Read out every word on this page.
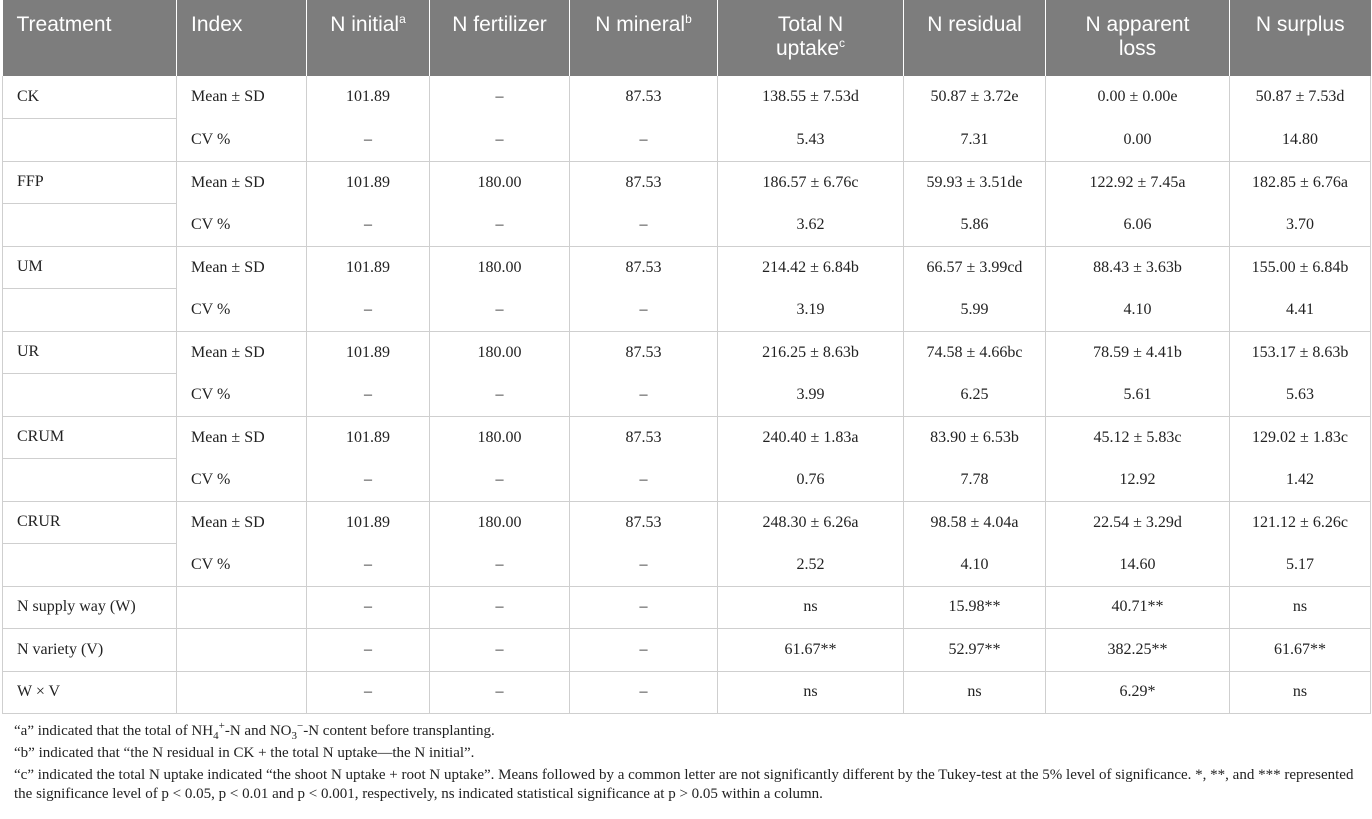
Treatment	Index	N initial$^a$	N fertilizer	N mineral$^b$	Total N uptake$^c$	N residual	N apparent loss	N surplus
CK	Mean ± SD	101.89	–	87.53	138.55 ± 7.53d	50.87 ± 3.72e	0.00 ± 0.00e	50.87 ± 7.53d
	CV %	–	–	–	5.43	7.31	0.00	14.80
FFP	Mean ± SD	101.89	180.00	87.53	186.57 ± 6.76c	59.93 ± 3.51de	122.92 ± 7.45a	182.85 ± 6.76a
	CV %	–	–	–	3.62	5.86	6.06	3.70
UM	Mean ± SD	101.89	180.00	87.53	214.42 ± 6.84b	66.57 ± 3.99cd	88.43 ± 3.63b	155.00 ± 6.84b
	CV %	–	–	–	3.19	5.99	4.10	4.41
UR	Mean ± SD	101.89	180.00	87.53	216.25 ± 8.63b	74.58 ± 4.66bc	78.59 ± 4.41b	153.17 ± 8.63b
	CV %	–	–	–	3.99	6.25	5.61	5.63
CRUM	Mean ± SD	101.89	180.00	87.53	240.40 ± 1.83a	83.90 ± 6.53b	45.12 ± 5.83c	129.02 ± 1.83c
	CV %	–	–	–	0.76	7.78	12.92	1.42
CRUR	Mean ± SD	101.89	180.00	87.53	248.30 ± 6.26a	98.58 ± 4.04a	22.54 ± 3.29d	121.12 ± 6.26c
	CV %	–	–	–	2.52	4.10	14.60	5.17
N supply way (W)		–	–	–	ns	15.98**	40.71**	ns
N variety (V)		–	–	–	61.67**	52.97**	382.25**	61.67**
W × V		–	–	–	ns	ns	6.29*	ns

“a” indicated that the total of $NH_4^+-N$ and $NO_3^--N$ content before transplanting.

“b” indicated that “the N residual in CK + the total N uptake—the N initial”.

“c” indicated the total N uptake indicated “the shoot N uptake + root N uptake”. Means followed by a common letter are not significantly different by the Tukey-test at the 5% level of significance. *, **, and *** represented the significance level of p < 0.05, p < 0.01 and p < 0.001, respectively, ns indicated statistical significance at p > 0.05 within a column.
